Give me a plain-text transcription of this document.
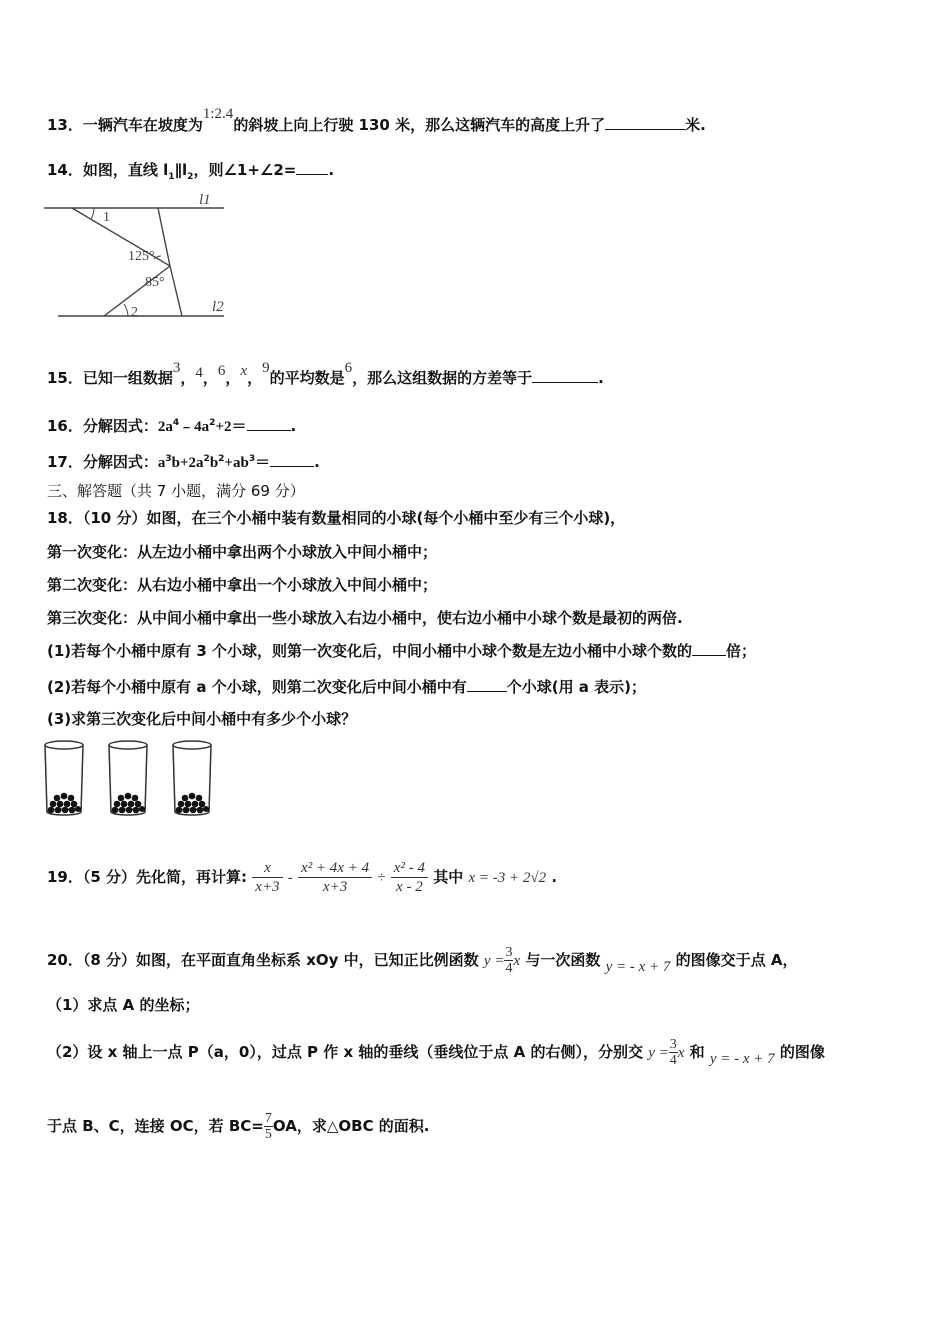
13．一辆汽车在坡度为1:2.4的斜坡上向上行驶 130 米，那么这辆汽车的高度上升了	米.
14．如图，直线 $l_1\parallel l_2$，则∠1+∠2= .
l1
l2
1
2
125°
85°
15．已知一组数据3，4，6，x，9的平均数是6，那么这组数据的方差等于	.
16．分解因式：$2a^4﹣4a^2+2=$	.
17．分解因式：$a^3b+2a^2b^2+ab^3=$	.
三、解答题（共 7 小题，满分 69 分）
18．（10 分）如图，在三个小桶中装有数量相同的小球(每个小桶中至少有三个小球)，
第一次变化：从左边小桶中拿出两个小球放入中间小桶中；
第二次变化：从右边小桶中拿出一个小球放入中间小桶中；
第三次变化：从中间小桶中拿出一些小球放入右边小桶中，使右边小桶中小球个数是最初的两倍.
(1)若每个小桶中原有 3 个小球，则第一次变化后，中间小桶中小球个数是左边小桶中小球个数的 倍；
(2)若每个小桶中原有 a 个小球，则第二次变化后中间小桶中有	个小球(用 a 表示)；
(3)求第三次变化后中间小桶中有多少个小球？
19．（5 分）先化简，再计算: $\frac{x}{x+3} - \frac{\text{x² + 4x + 4}}{x+3} \div \frac{\text{x² - 4}}{x - 2}$ 其中 x = -3 + 2√2 .
20．（8 分）如图，在平面直角坐标系 xOy 中，已知正比例函数 $y = \frac{3}{4}$ x 与一次函数 y = - x + 7 的图像交于点 A，
（1）求点 A 的坐标；
（2）设 x 轴上一点 P（a，0），过点 P 作 x 轴的垂线（垂线位于点 A 的右侧），分别交 $y = \frac{3}{4}$ x 和 y = - x + 7 的图像
于点 B、C，连接 OC，若 $BC= \frac{7}{5}$ OA，求△OBC 的面积.
